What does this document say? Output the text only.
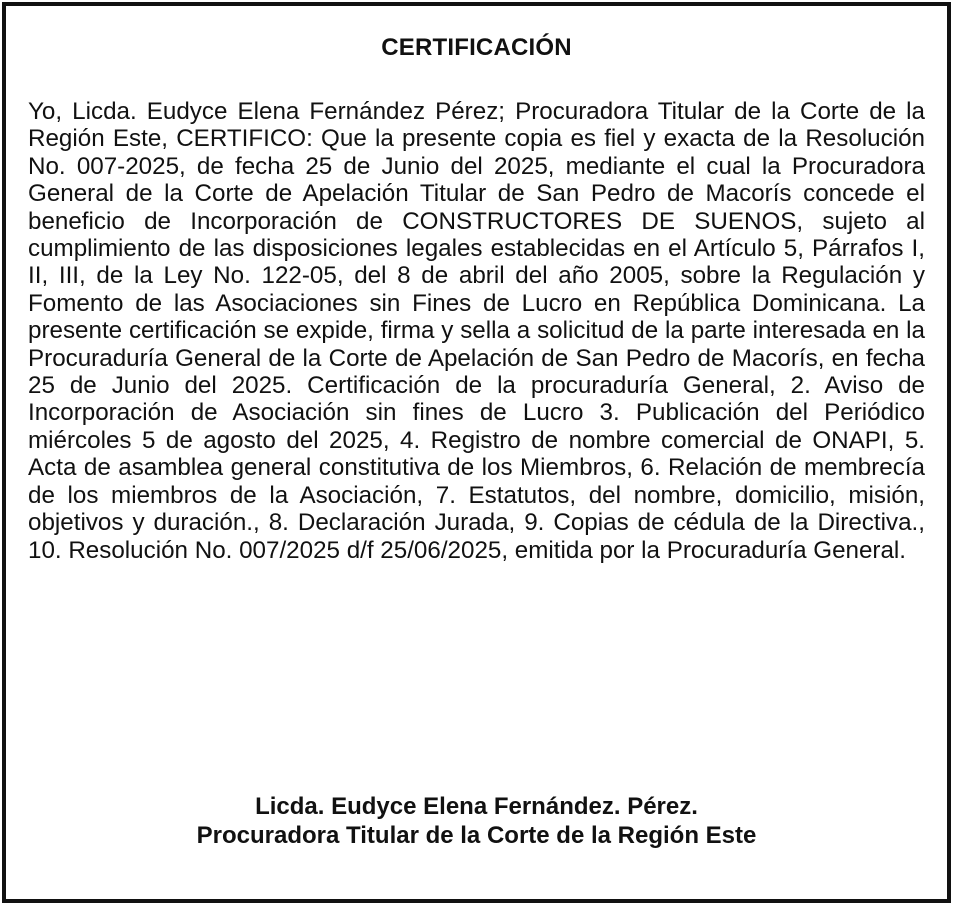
CERTIFICACIÓN
Yo, Licda. Eudyce Elena Fernández Pérez; Procuradora Titular de la Corte de la Región Este, CERTIFICO: Que la presente copia es fiel y exacta de la Resolución No. 007-2025, de fecha 25 de Junio del 2025, mediante el cual la Procuradora General de la Corte de Apelación Titular de San Pedro de Macorís concede el beneficio de Incorporación de CONSTRUCTORES DE SUENOS, sujeto al cumplimiento de las disposiciones legales establecidas en el Artículo 5, Párrafos I, II, III, de la Ley No. 122-05, del 8 de abril del año 2005, sobre la Regulación y Fomento de las Asociaciones sin Fines de Lucro en República Dominicana. La presente certificación se expide, firma y sella a solicitud de la parte interesada en la Procuraduría General de la Corte de Apelación de San Pedro de Macorís, en fecha 25 de Junio del 2025. Certificación de la procuraduría General, 2. Aviso de Incorporación de Asociación sin fines de Lucro 3. Publicación del Periódico miércoles 5 de agosto del 2025, 4. Registro de nombre comercial de ONAPI, 5. Acta de asamblea general constitutiva de los Miembros, 6. Relación de membrecía de los miembros de la Asociación, 7. Estatutos, del nombre, domicilio, misión, objetivos y duración., 8. Declaración Jurada, 9. Copias de cédula de la Directiva., 10. Resolución No. 007/2025 d/f 25/06/2025, emitida por la Procuraduría General.
Licda. Eudyce Elena Fernández. Pérez.
Procuradora Titular de la Corte de la Región Este
